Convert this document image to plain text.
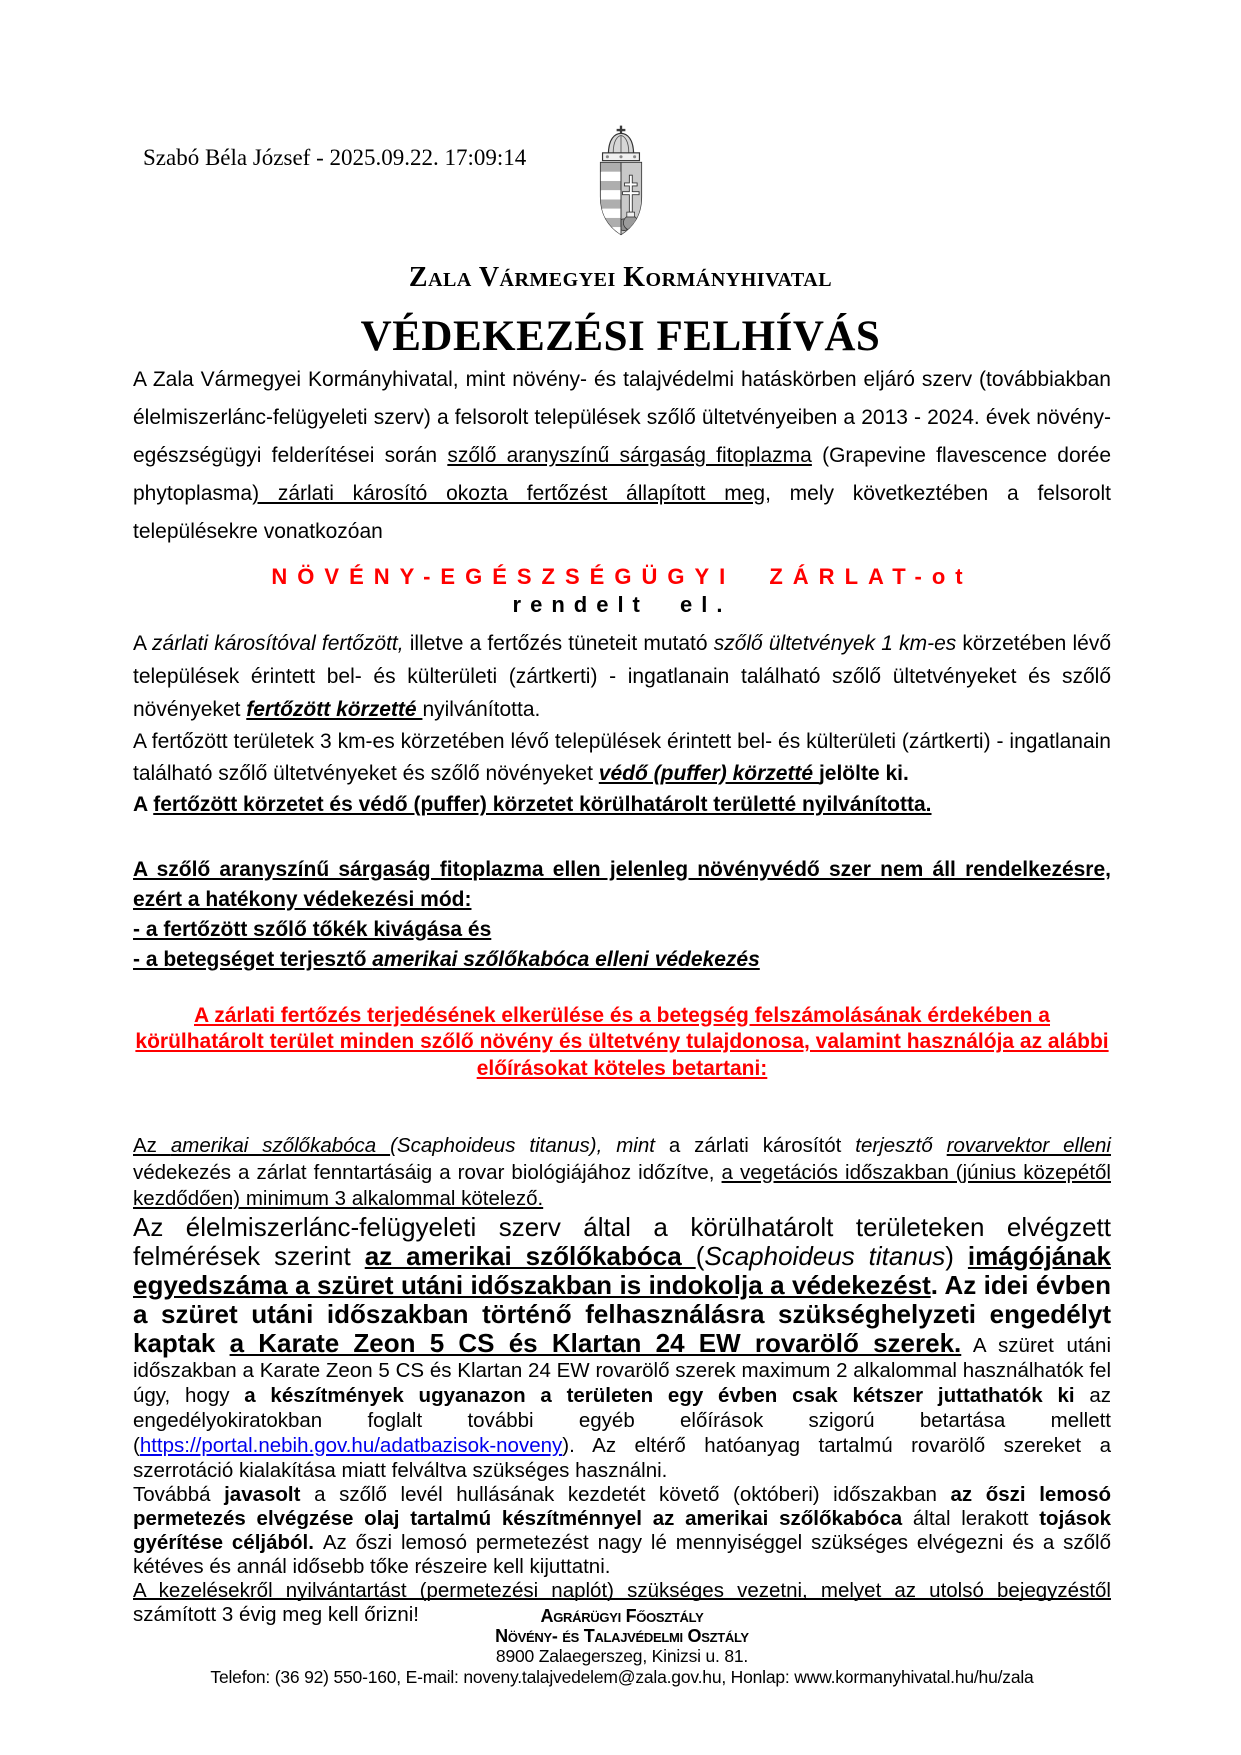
Szabó Béla József - 2025.09.22. 17:09:14
Zala Vármegyei Kormányhivatal
VÉDEKEZÉSI FELHÍVÁS

A Zala Vármegyei Kormányhivatal, mint növény- és talajvédelmi hatáskörben eljáró szerv (továbbiakban élelmiszerlánc-felügyeleti szerv) a felsorolt települések szőlő ültetvényeiben a 2013 - 2024. évek növény-egészségügyi felderítései során szőlő aranyszínű sárgaság fitoplazma (Grapevine flavescence dorée phytoplasma) zárlati károsító okozta fertőzést állapított meg, mely következtében a felsorolt településekre vonatkozóan

NÖVÉNY-EGÉSZSÉGÜGYI ZÁRLAT-ot

rendelt el.

A zárlati károsítóval fertőzött, illetve a fertőzés tüneteit mutató szőlő ültetvények 1 km-es körzetében lévő települések érintett bel- és külterületi (zártkerti) - ingatlanain található szőlő ültetvényeket és szőlő növényeket fertőzött körzetté nyilvánította.

A fertőzött területek 3 km-es körzetében lévő települések érintett bel- és külterületi (zártkerti) - ingatlanain található szőlő ültetvényeket és szőlő növényeket védő (puffer) körzetté jelölte ki.

A fertőzött körzetet és védő (puffer) körzetet körülhatárolt területté nyilvánította.

A szőlő aranyszínű sárgaság fitoplazma ellen jelenleg növényvédő szer nem áll rendelkezésre, ezért a hatékony védekezési mód:

- a fertőzött szőlő tőkék kivágása és

- a betegséget terjesztő amerikai szőlőkabóca elleni védekezés

A zárlati fertőzés terjedésének elkerülése és a betegség felszámolásának érdekében a körülhatárolt terület minden szőlő növény és ültetvény tulajdonosa, valamint használója az alábbi előírásokat köteles betartani:

Az amerikai szőlőkabóca (Scaphoideus titanus), mint a zárlati károsítót terjesztő rovarvektor elleni védekezés a zárlat fenntartásáig a rovar biológiájához időzítve, a vegetációs időszakban (június közepétől kezdődően) minimum 3 alkalommal kötelező.

Az élelmiszerlánc-felügyeleti szerv által a körülhatárolt területeken elvégzett felmérések szerint az amerikai szőlőkabóca (Scaphoideus titanus) imágójának egyedszáma a szüret utáni időszakban is indokolja a védekezést. Az idei évben a szüret utáni időszakban történő felhasználásra szükséghelyzeti engedélyt kaptak a Karate Zeon 5 CS és Klartan 24 EW rovarölő szerek. A szüret utáni időszakban a Karate Zeon 5 CS és Klartan 24 EW rovarölő szerek maximum 2 alkalommal használhatók fel úgy, hogy a készítmények ugyanazon a területen egy évben csak kétszer juttathatók ki az engedélyokiratokban foglalt további egyéb előírások szigorú betartása mellett (https://portal.nebih.gov.hu/adatbazisok-noveny). Az eltérő hatóanyag tartalmú rovarölő szereket a szerrotáció kialakítása miatt felváltva szükséges használni.

Továbbá javasolt a szőlő levél hullásának kezdetét követő (októberi) időszakban az őszi lemosó permetezés elvégzése olaj tartalmú készítménnyel az amerikai szőlőkabóca által lerakott tojások gyérítése céljából. Az őszi lemosó permetezést nagy lé mennyiséggel szükséges elvégezni és a szőlő kétéves és annál idősebb tőke részeire kell kijuttatni.

A kezelésekről nyilvántartást (permetezési naplót) szükséges vezetni, melyet az utolsó bejegyzéstől számított 3 évig meg kell őrizni!	Agrárügyi Főosztály
Növény- és Talajvédelmi Osztály
8900 Zalaegerszeg, Kinizsi u. 81.
Telefon: (36 92) 550-160, E-mail: noveny.talajvedelem@zala.gov.hu, Honlap: www.kormanyhivatal.hu/hu/zala
